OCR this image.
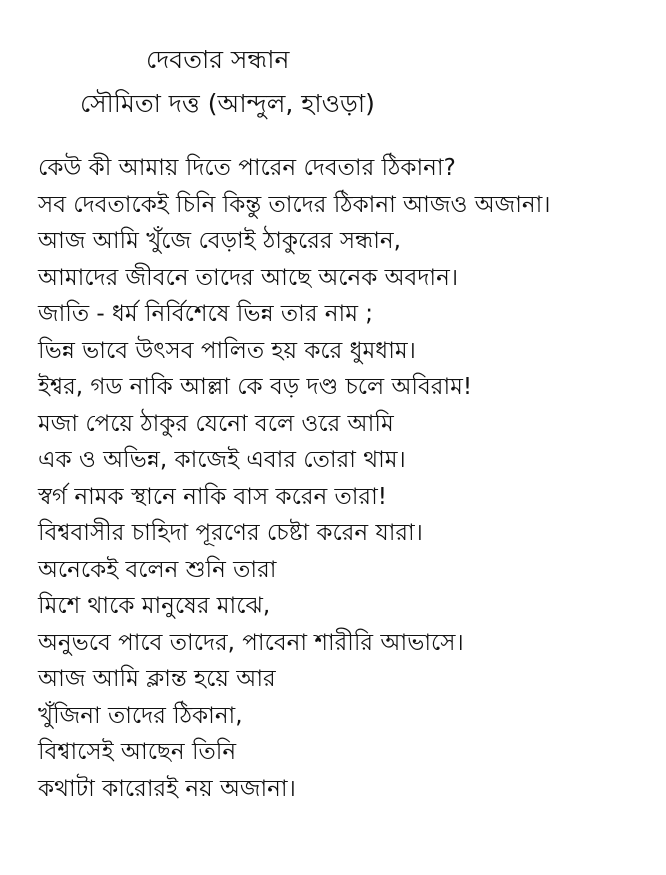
দেবতার সন্ধান
সৌমিতা দত্ত (আন্দুল, হাওড়া)
কেউ কী আমায় দিতে পারেন দেবতার ঠিকানা?
সব দেবতাকেই চিনি কিন্তু তাদের ঠিকানা আজও অজানা।
আজ আমি খুঁজে বেড়াই ঠাকুরের সন্ধান,
আমাদের জীবনে তাদের আছে অনেক অবদান।
জাতি - ধর্ম নির্বিশেষে ভিন্ন তার নাম ;
ভিন্ন ভাবে উৎসব পালিত হয় করে ধুমধাম।
ইশ্বর, গড নাকি আল্লা কে বড় দণ্ড চলে অবিরাম!
মজা পেয়ে ঠাকুর যেনো বলে ওরে আমি
এক ও অভিন্ন, কাজেই এবার তোরা থাম।
স্বর্গ নামক স্থানে নাকি বাস করেন তারা!
বিশ্ববাসীর চাহিদা পূরণের চেষ্টা করেন যারা।
অনেকেই বলেন শুনি তারা
মিশে থাকে মানুষের মাঝে,
অনুভবে পাবে তাদের, পাবেনা শারীরি আভাসে।
আজ আমি ক্লান্ত হয়ে আর
খুঁজিনা তাদের ঠিকানা,
বিশ্বাসেই আছেন তিনি
কথাটা কারোরই নয় অজানা।
